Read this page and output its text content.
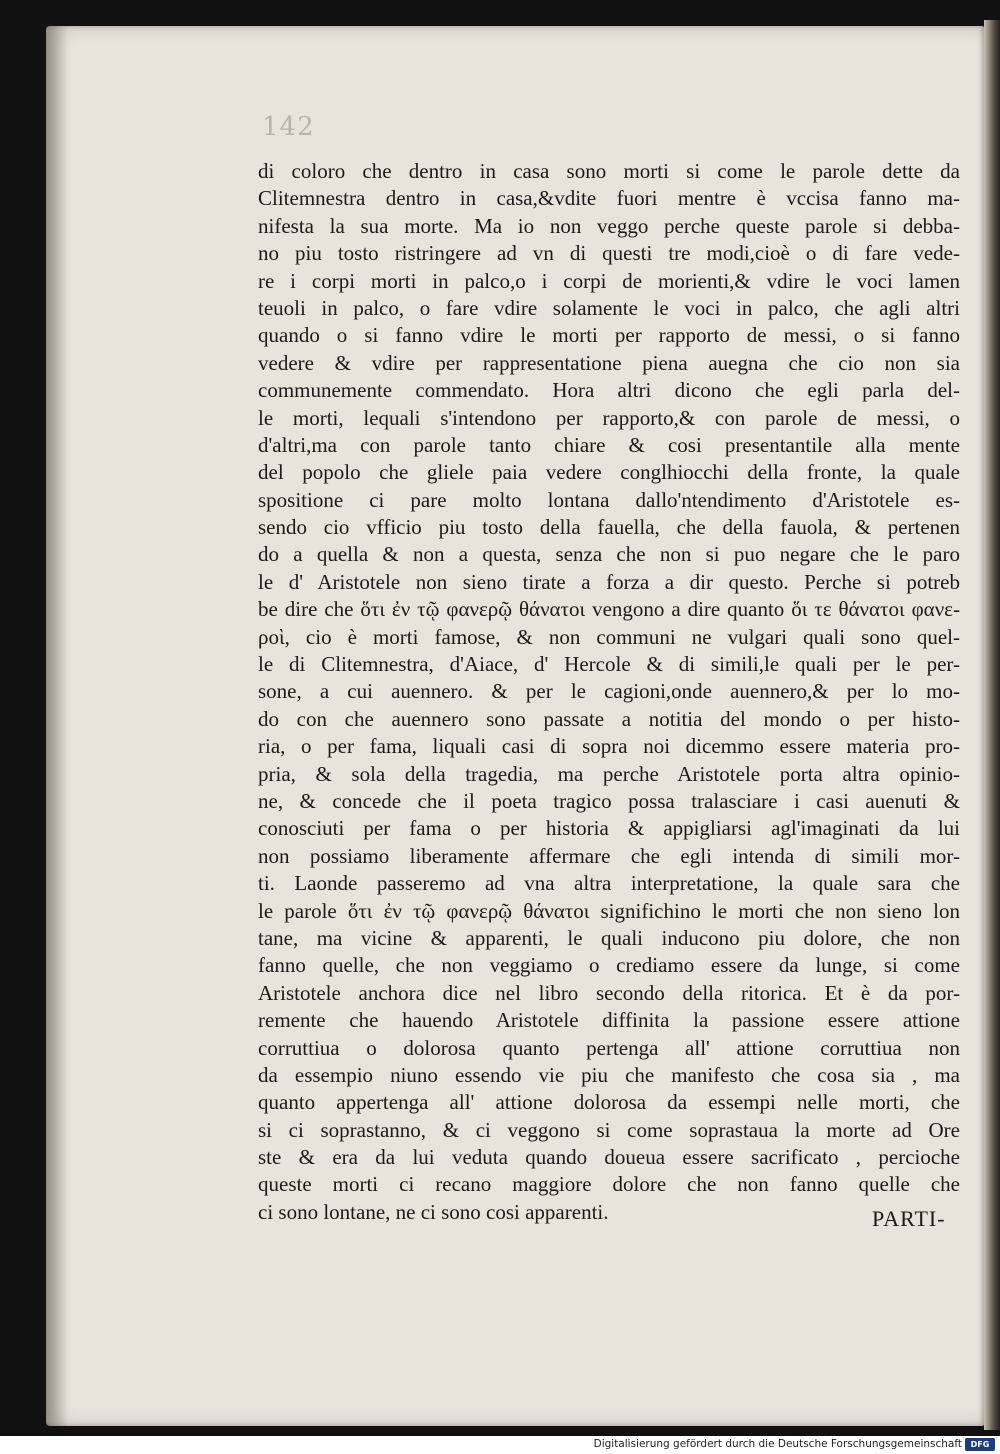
142
di coloro che dentro in casa sono morti si come le parole dette da
Clitemnestra dentro in casa,&vdite fuori mentre è vccisa fanno ma-
nifesta la sua morte. Ma io non veggo perche queste parole si debba-
no piu tosto ristringere ad vn di questi tre modi,cioè o di fare vede-
re i corpi morti in palco,o i corpi de morienti,& vdire le voci lamen
teuoli in palco, o fare vdire solamente le voci in palco, che agli altri
quando o si fanno vdire le morti per rapporto de messi, o si fanno
vedere & vdire per rappresentatione piena auegna che cio non sia
communemente commendato. Hora altri dicono che egli parla del-
le morti, lequali s'intendono per rapporto,& con parole de messi, o
d'altri,ma con parole tanto chiare & cosi presentantile alla mente
del popolo che gliele paia vedere conglhiocchi della fronte, la quale
spositione ci pare molto lontana dallo'ntendimento d'Aristotele es-
sendo cio vfficio piu tosto della fauella, che della fauola, & pertenen
do a quella & non a questa, senza che non si puo negare che le paro
le d' Aristotele non sieno tirate a forza a dir questo. Perche si potreb
be dire che ὅτι ἐν τῷ φανερῷ θάνατοι vengono a dire quanto ὅι τε θάνατοι φανε-
ροὶ, cio è morti famose, & non communi ne vulgari quali sono quel-
le di Clitemnestra, d'Aiace, d' Hercole & di simili,le quali per le per-
sone, a cui auennero. & per le cagioni,onde auennero,& per lo mo-
do con che auennero sono passate a notitia del mondo o per histo-
ria, o per fama, liquali casi di sopra noi dicemmo essere materia pro-
pria, & sola della tragedia, ma perche Aristotele porta altra opinio-
ne, & concede che il poeta tragico possa tralasciare i casi auenuti &
conosciuti per fama o per historia & appigliarsi agl'imaginati da lui
non possiamo liberamente affermare che egli intenda di simili mor-
ti. Laonde passeremo ad vna altra interpretatione, la quale sara che
le parole ὅτι ἐν τῷ φανερῷ θάνατοι significhino le morti che non sieno lon
tane, ma vicine & apparenti, le quali inducono piu dolore, che non
fanno quelle, che non veggiamo o crediamo essere da lunge, si come
Aristotele anchora dice nel libro secondo della ritorica. Et è da por-
remente che hauendo Aristotele diffinita la passione essere attione
corruttiua o dolorosa quanto pertenga all' attione corruttiua non
da essempio niuno essendo vie piu che manifesto che cosa sia , ma
quanto appertenga all' attione dolorosa da essempi nelle morti, che
si ci soprastanno, & ci veggono si come soprastaua la morte ad Ore
ste & era da lui veduta quando doueua essere sacrificato , percioche
queste morti ci recano maggiore dolore che non fanno quelle che
ci sono lontane, ne ci sono cosi apparenti.	PARTI-
Digitalisierung gefördert durch die Deutsche Forschungsgemeinschaft	DFG
